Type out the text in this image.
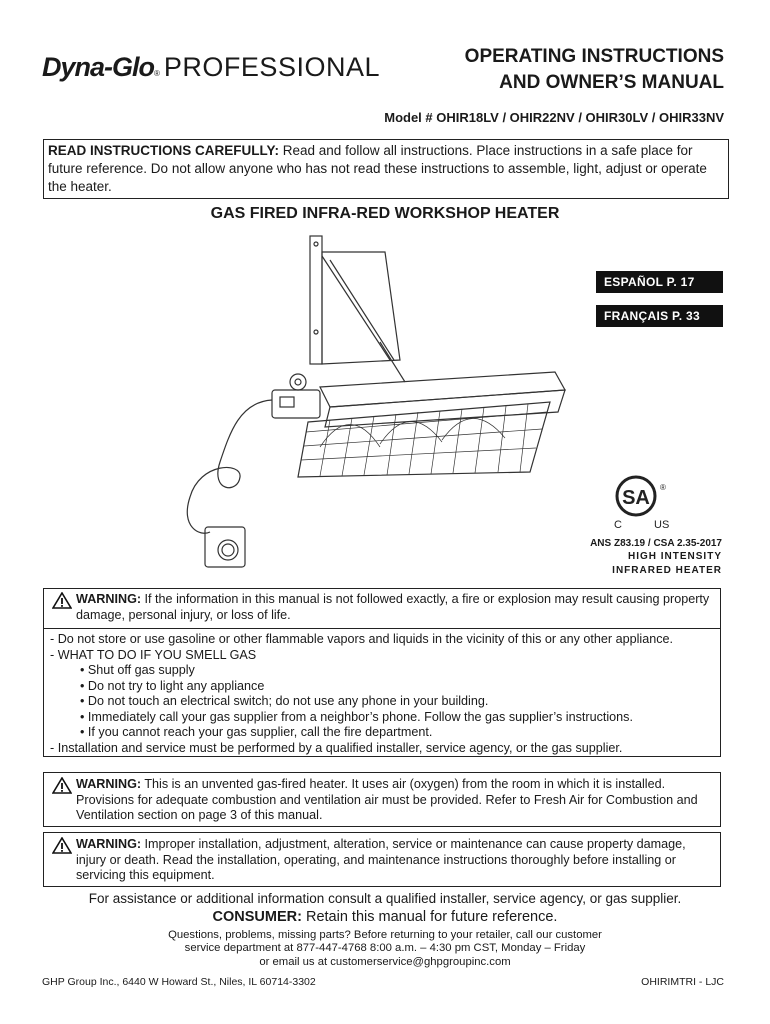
Dyna-Glo ® PROFESSIONAL	OPERATING INSTRUCTIONS
AND OWNER’S MANUAL
Model # OHIR18LV / OHIR22NV / OHIR30LV / OHIR33NV
READ INSTRUCTIONS CAREFULLY: Read and follow all instructions. Place instructions in a safe place for future reference. Do not allow anyone who has not read these instructions to assemble, light, adjust or operate the heater.
GAS FIRED INFRA-RED WORKSHOP HEATER
ESPAÑOL P. 17
FRANÇAIS P. 33
SA ®
C	US
ANS Z83.19 / CSA 2.35-2017
HIGH INTENSITY
INFRARED HEATER
WARNING: If the information in this manual is not followed exactly, a fire or explosion may result causing property damage, personal injury, or loss of life.
- Do not store or use gasoline or other flammable vapors and liquids in the vicinity of this or any other appliance.
- WHAT TO DO IF YOU SMELL GAS
• Shut off gas supply
• Do not try to light any appliance
• Do not touch an electrical switch; do not use any phone in your building.
• Immediately call your gas supplier from a neighbor’s phone. Follow the gas supplier’s instructions.
• If you cannot reach your gas supplier, call the fire department.
- Installation and service must be performed by a qualified installer, service agency, or the gas supplier.
WARNING: This is an unvented gas-fired heater. It uses air (oxygen) from the room in which it is installed. Provisions for adequate combustion and ventilation air must be provided. Refer to Fresh Air for Combustion and Ventilation section on page 3 of this manual.
WARNING: Improper installation, adjustment, alteration, service or maintenance can cause property damage, injury or death. Read the installation, operating, and maintenance instructions thoroughly before installing or servicing this equipment.
For assistance or additional information consult a qualified installer, service agency, or gas supplier.
CONSUMER: Retain this manual for future reference.
Questions, problems, missing parts? Before returning to your retailer, call our customer
service department at 877-447-4768 8:00 a.m. – 4:30 pm CST, Monday – Friday
or email us at customerservice@ghpgroupinc.com
GHP Group Inc., 6440 W Howard St., Niles, IL 60714-3302	OHIRIMTRI - LJC
